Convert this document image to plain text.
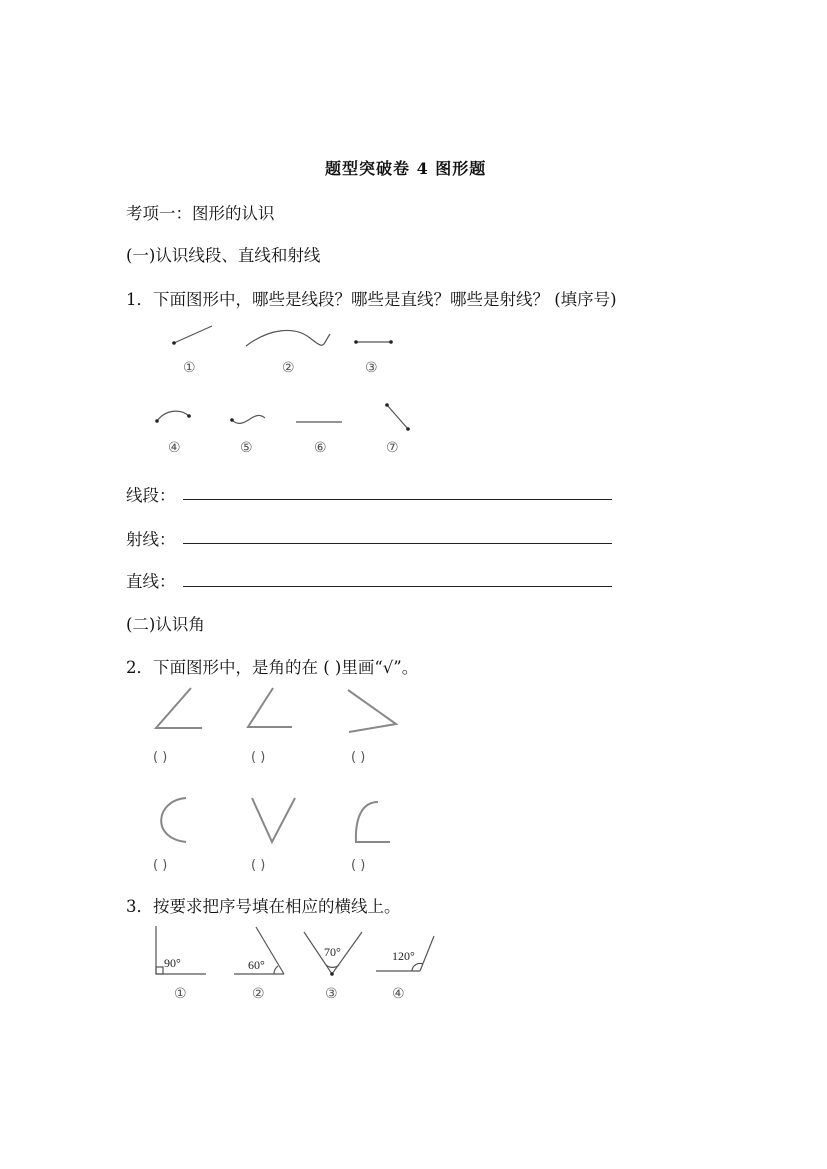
题型突破卷 4 图形题
考项一：图形的认识
(一)认识线段、直线和射线
1．下面图形中，哪些是线段？哪些是直线？哪些是射线？ (填序号)
①	②	③
④	⑤	⑥	⑦
线段：
射线：
直线：
(二)认识角
2．下面图形中，是角的在 ( )里画“√”。
( )	( )	( )
( )	( )	( )
3．按要求把序号填在相应的横线上。
90°	60°
70°	120°
①	②	③	④
